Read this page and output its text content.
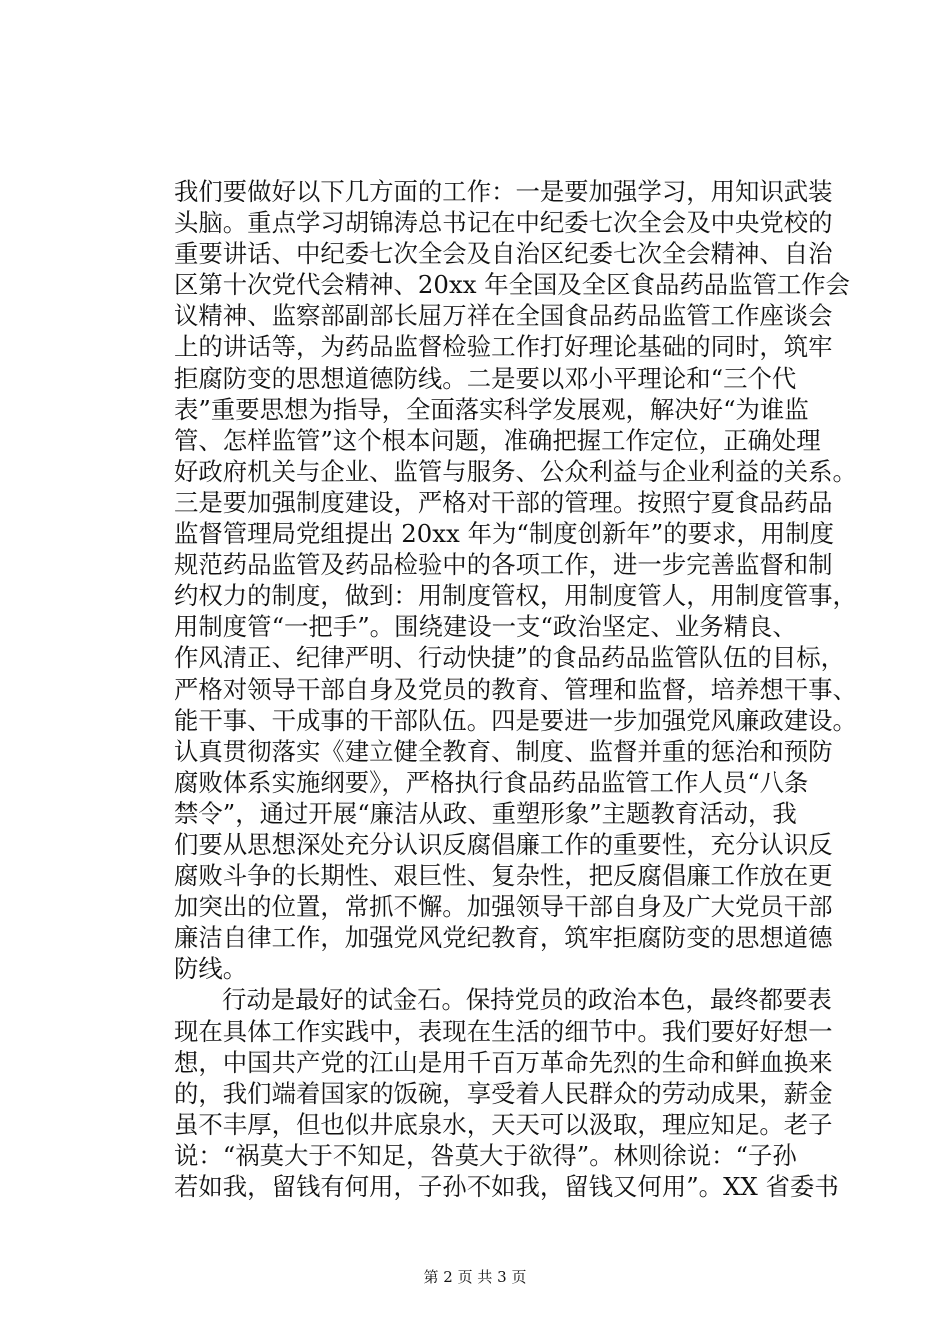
我们要做好以下几方面的工作：一是要加强学习，用知识武装
头脑。重点学习胡锦涛总书记在中纪委七次全会及中央党校的
重要讲话、中纪委七次全会及自治区纪委七次全会精神、自治
区第十次党代会精神、20xx 年全国及全区食品药品监管工作会
议精神、监察部副部长屈万祥在全国食品药品监管工作座谈会
上的讲话等，为药品监督检验工作打好理论基础的同时，筑牢
拒腐防变的思想道德防线。二是要以邓小平理论和“三个代
表”重要思想为指导，全面落实科学发展观，解决好“为谁监
管、怎样监管”这个根本问题，准确把握工作定位，正确处理
好政府机关与企业、监管与服务、公众利益与企业利益的关系。
三是要加强制度建设，严格对干部的管理。按照宁夏食品药品
监督管理局党组提出 20xx 年为“制度创新年”的要求，用制度
规范药品监管及药品检验中的各项工作，进一步完善监督和制
约权力的制度，做到：用制度管权，用制度管人，用制度管事，
用制度管“一把手”。围绕建设一支“政治坚定、业务精良、
作风清正、纪律严明、行动快捷”的食品药品监管队伍的目标，
严格对领导干部自身及党员的教育、管理和监督，培养想干事、
能干事、干成事的干部队伍。四是要进一步加强党风廉政建设。
认真贯彻落实《建立健全教育、制度、监督并重的惩治和预防
腐败体系实施纲要》，严格执行食品药品监管工作人员“八条
禁令”，通过开展“廉洁从政、重塑形象”主题教育活动，我
们要从思想深处充分认识反腐倡廉工作的重要性，充分认识反
腐败斗争的长期性、艰巨性、复杂性，把反腐倡廉工作放在更
加突出的位置，常抓不懈。加强领导干部自身及广大党员干部
廉洁自律工作，加强党风党纪教育，筑牢拒腐防变的思想道德
防线。
行动是最好的试金石。保持党员的政治本色，最终都要表
现在具体工作实践中，表现在生活的细节中。我们要好好想一
想，中国共产党的江山是用千百万革命先烈的生命和鲜血换来
的，我们端着国家的饭碗，享受着人民群众的劳动成果，薪金
虽不丰厚，但也似井底泉水，天天可以汲取，理应知足。老子
说：“祸莫大于不知足，咎莫大于欲得”。林则徐说：“子孙
若如我，留钱有何用，子孙不如我，留钱又何用”。XX 省委书
第 2 页 共 3 页
